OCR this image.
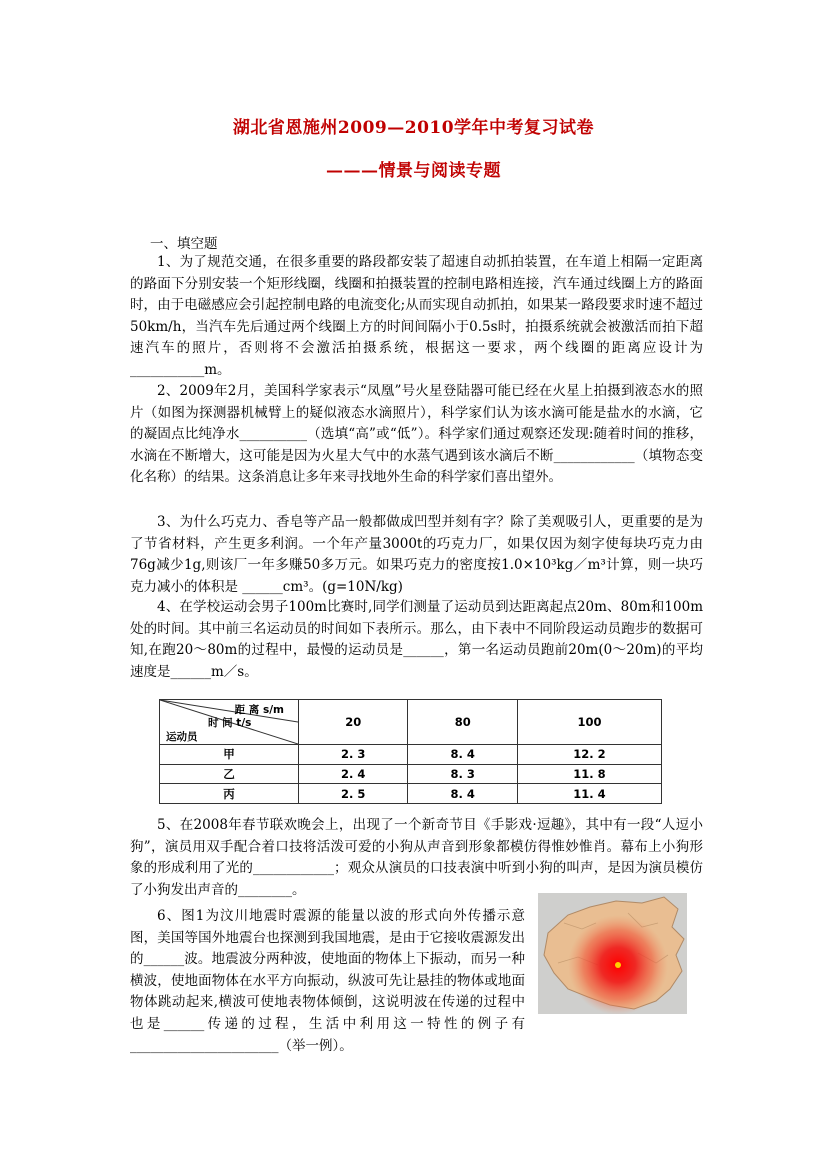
湖北省恩施州2009—2010学年中考复习试卷
———情景与阅读专题
一、填空题

1、为了规范交通，在很多重要的路段都安装了超速自动抓拍装置，在车道上相隔一定距离的路面下分别安装一个矩形线圈，线圈和拍摄装置的控制电路相连接，汽车通过线圈上方的路面时，由于电磁感应会引起控制电路的电流变化;从而实现自动抓拍，如果某一路段要求时速不超过50km/h，当汽车先后通过两个线圈上方的时间间隔小于0.5s时，拍摄系统就会被激活而拍下超速汽车的照片，否则将不会激活拍摄系统，根据这一要求，两个线圈的距离应设计为___________m。

2、2009年2月，美国科学家表示“凤凰”号火星登陆器可能已经在火星上拍摄到液态水的照片（如图为探测器机械臂上的疑似液态水滴照片），科学家们认为该水滴可能是盐水的水滴，它的凝固点比纯净水__________（选填“高”或“低”）。科学家们通过观察还发现:随着时间的推移，水滴在不断增大，这可能是因为火星大气中的水蒸气遇到该水滴后不断____________（填物态变化名称）的结果。这条消息让多年来寻找地外生命的科学家们喜出望外。

3、为什么巧克力、香皂等产品一般都做成凹型并刻有字？除了美观吸引人，更重要的是为了节省材料，产生更多利润。一个年产量3000t的巧克力厂，如果仅因为刻字使每块巧克力由76g减少1g,则该厂一年多赚50多万元。如果巧克力的密度按1.0×10³kg／m³计算，则一块巧克力减小的体积是 ______cm³。(g=10N/kg)

4、在学校运动会男子100m比赛时,同学们测量了运动员到达距离起点20m、80m和100m处的时间。其中前三名运动员的时间如下表所示。那么，由下表中不同阶段运动员跑步的数据可知,在跑20～80m的过程中，最慢的运动员是______，第一名运动员跑前20m(0～20m)的平均速度是______m／s。

距 离 s/m
时 间 t/s
运动员	20	80	100
甲	2. 3	8. 4	12. 2
乙	2. 4	8. 3	11. 8
丙	2. 5	8. 4	11. 4

5、在2008年春节联欢晚会上，出现了一个新奇节目《手影戏·逗趣》，其中有一段“人逗小狗”，演员用双手配合着口技将活泼可爱的小狗从声音到形象都模仿得惟妙惟肖。幕布上小狗形象的形成利用了光的____________；观众从演员的口技表演中听到小狗的叫声，是因为演员模仿了小狗发出声音的________。

6、图1为汶川地震时震源的能量以波的形式向外传播示意图，美国等国外地震台也探测到我国地震，是由于它接收震源发出的______波。地震波分两种波，使地面的物体上下振动，而另一种横波，使地面物体在水平方向振动，纵波可先让悬挂的物体或地面物体跳动起来,横波可使地表物体倾倒，这说明波在传递的过程中也是______传递的过程，生活中利用这一特性的例子有______________________（举一例）。
